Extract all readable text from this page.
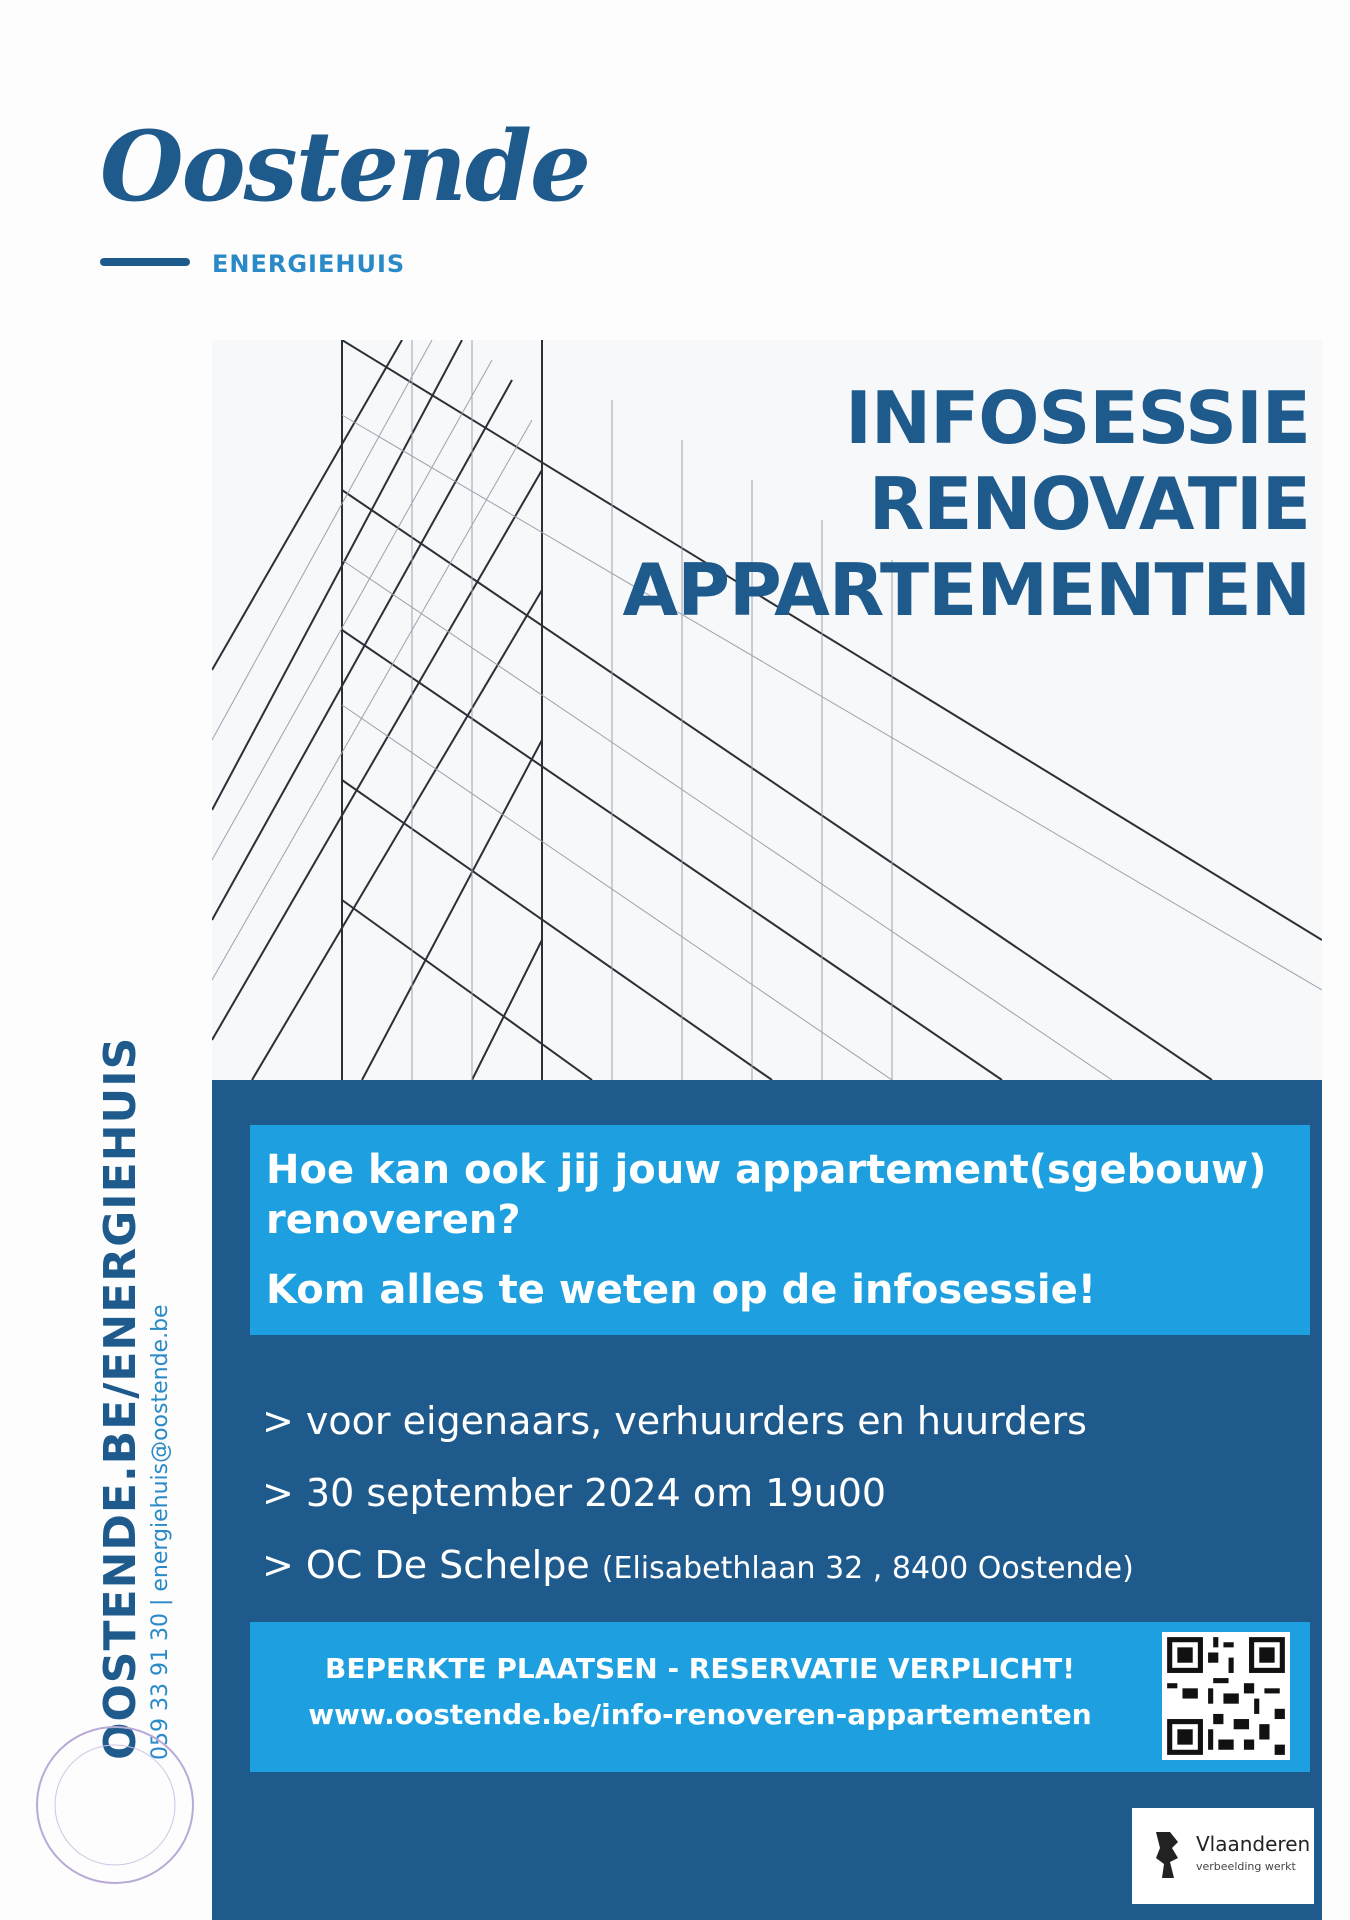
Oostende
ENERGIEHUIS
INFOSESSIE
RENOVATIE
APPARTEMENTEN
Hoe kan ook jij jouw appartement(sgebouw) renoveren?
Kom alles te weten op de infosessie!
> voor eigenaars, verhuurders en huurders
> 30 september 2024 om 19u00
> OC De Schelpe (Elisabethlaan 32 , 8400 Oostende)
BEPERKTE PLAATSEN - RESERVATIE VERPLICHT!
www.oostende.be/info-renoveren-appartementen
Vlaanderen
verbeelding werkt
OOSTENDE.BE/ENERGIEHUIS 059 33 91 30 | energiehuis@oostende.be
